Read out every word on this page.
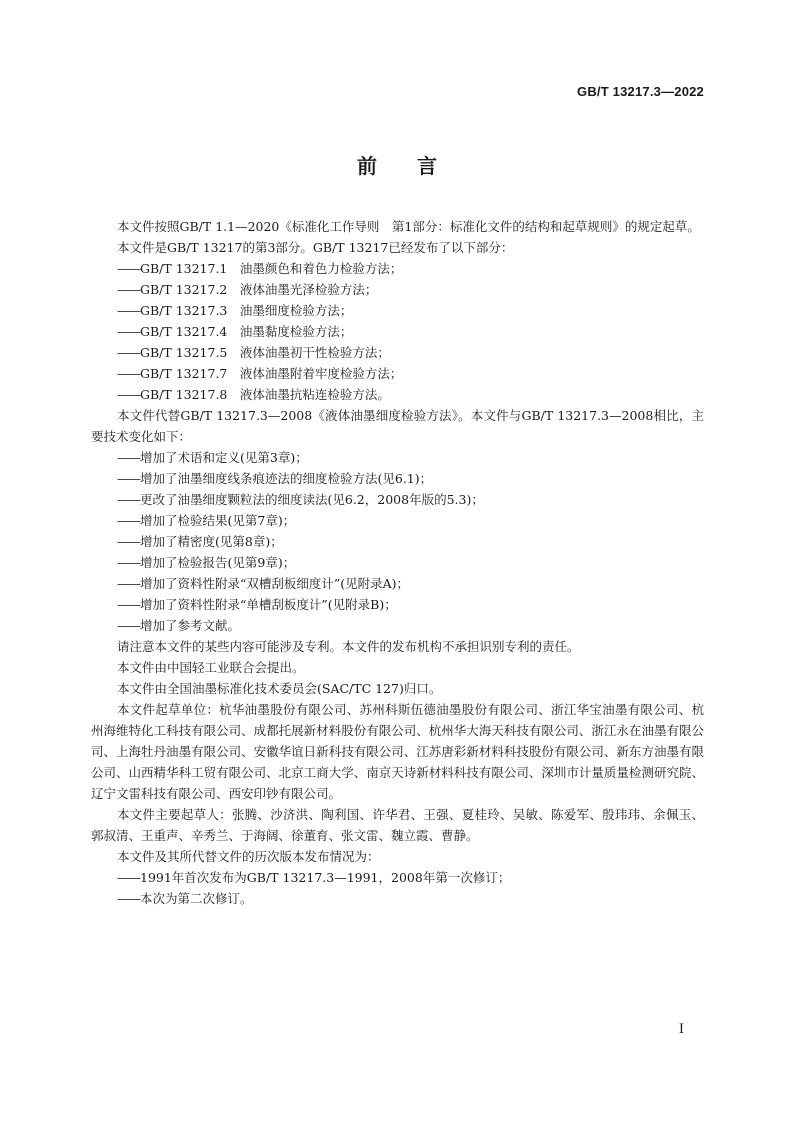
GB/T 13217.3—2022
前言

本文件按照GB/T 1.1—2020《标准化工作导则　第1部分：标准化文件的结构和起草规则》的规定起草。

本文件是GB/T 13217的第3部分。GB/T 13217已经发布了以下部分：

——GB/T 13217.1　油墨颜色和着色力检验方法；

——GB/T 13217.2　液体油墨光泽检验方法；

——GB/T 13217.3　油墨细度检验方法；

——GB/T 13217.4　油墨黏度检验方法；

——GB/T 13217.5　液体油墨初干性检验方法；

——GB/T 13217.7　液体油墨附着牢度检验方法；

——GB/T 13217.8　液体油墨抗粘连检验方法。

本文件代替GB/T 13217.3—2008《液体油墨细度检验方法》。本文件与GB/T 13217.3—2008相比，主要技术变化如下：

——增加了术语和定义(见第3章)；

——增加了油墨细度线条痕迹法的细度检验方法(见6.1)；

——更改了油墨细度颗粒法的细度读法(见6.2，2008年版的5.3)；

——增加了检验结果(见第7章)；

——增加了精密度(见第8章)；

——增加了检验报告(见第9章)；

——增加了资料性附录“双槽刮板细度计”(见附录A)；

——增加了资料性附录“单槽刮板度计”(见附录B)；

——增加了参考文献。

请注意本文件的某些内容可能涉及专利。本文件的发布机构不承担识别专利的责任。

本文件由中国轻工业联合会提出。

本文件由全国油墨标准化技术委员会(SAC/TC 127)归口。

本文件起草单位：杭华油墨股份有限公司、苏州科斯伍德油墨股份有限公司、浙江华宝油墨有限公司、杭州海维特化工科技有限公司、成都托展新材料股份有限公司、杭州华大海天科技有限公司、浙江永在油墨有限公司、上海牡丹油墨有限公司、安徽华谊日新科技有限公司、江苏唐彩新材料科技股份有限公司、新东方油墨有限公司、山西精华科工贸有限公司、北京工商大学、南京天诗新材料科技有限公司、深圳市计量质量检测研究院、辽宁文雷科技有限公司、西安印钞有限公司。

本文件主要起草人：张腾、沙济洪、陶利国、许华君、王强、夏桂玲、吴敏、陈爱军、殷玮玮、余佩玉、郭叔清、王重声、辛秀兰、于海阔、徐董育、张文雷、魏立霞、曹静。

本文件及其所代替文件的历次版本发布情况为：

——1991年首次发布为GB/T 13217.3—1991，2008年第一次修订；

——本次为第二次修订。

I
